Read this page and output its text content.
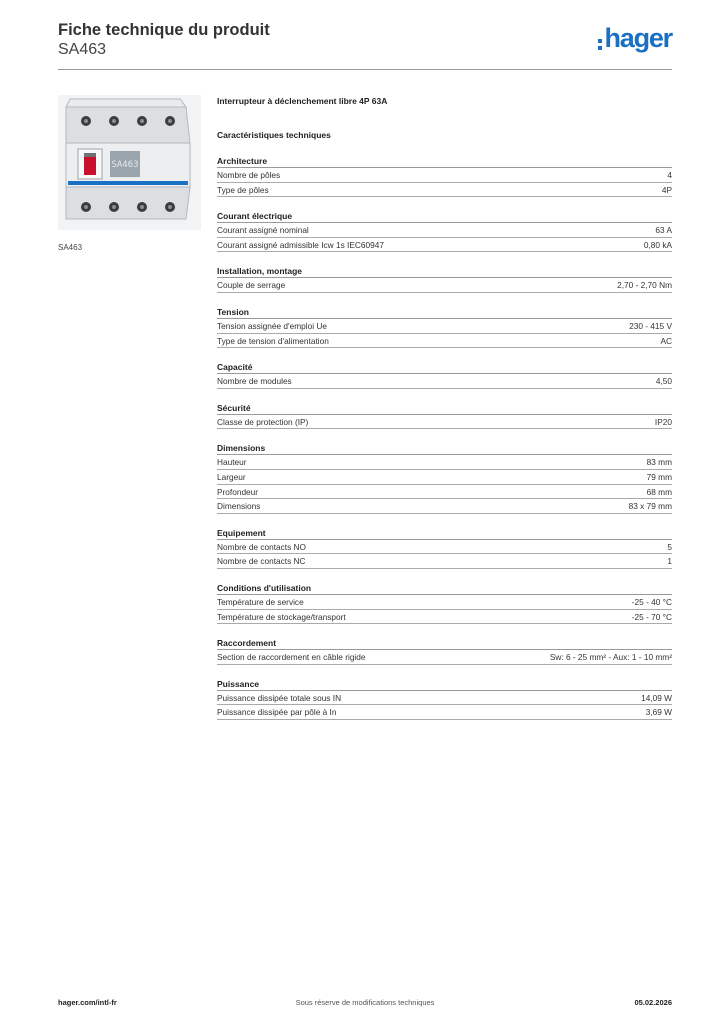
Fiche technique du produit
SA463	hager
SA463
SA463
Interrupteur à déclenchement libre 4P 63A
Caractéristiques techniques
Architecture
Nombre de pôles	4
Type de pôles	4P
Courant électrique
Courant assigné nominal	63 A
Courant assigné admissible Icw 1s IEC60947	0,80 kA
Installation, montage
Couple de serrage	2,70 - 2,70 Nm
Tension
Tension assignée d'emploi Ue	230 - 415 V
Type de tension d'alimentation	AC
Capacité
Nombre de modules	4,50
Sécurité
Classe de protection (IP)	IP20
Dimensions
Hauteur	83 mm
Largeur	79 mm
Profondeur	68 mm
Dimensions	83 x 79 mm
Equipement
Nombre de contacts NO	5
Nombre de contacts NC	1
Conditions d'utilisation
Température de service	-25 - 40 °C
Température de stockage/transport	-25 - 70 °C
Raccordement
Section de raccordement en câble rigide	Sw: 6 - 25 mm² - Aux: 1 - 10 mm²
Puissance
Puissance dissipée totale sous IN	14,09 W
Puissance dissipée par pôle à In	3,69 W
hager.com/intl-fr	Sous réserve de modifications techniques	05.02.2026
